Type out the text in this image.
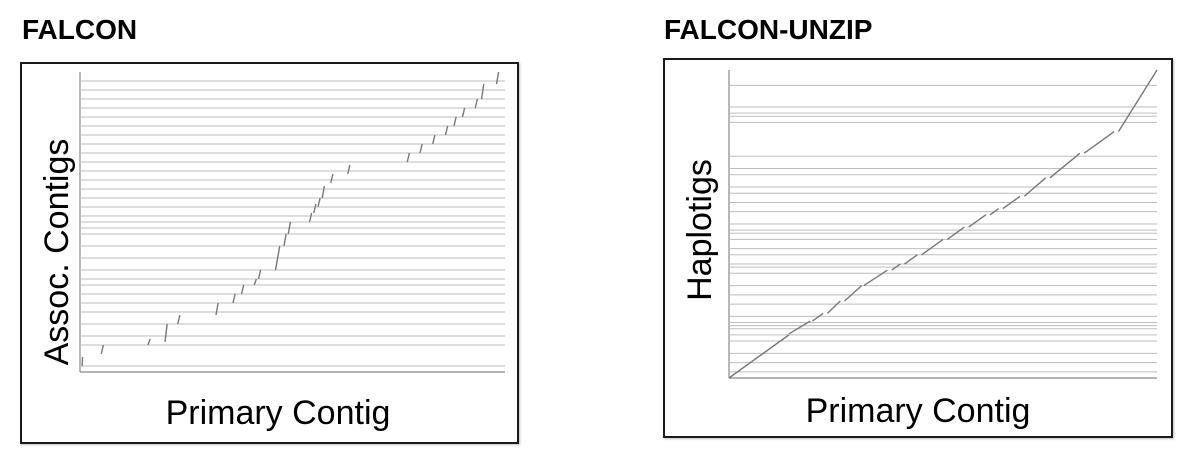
FALCON	FALCON-UNZIP
Assoc. Contigs
Primary Contig
Haplotigs
Primary Contig
